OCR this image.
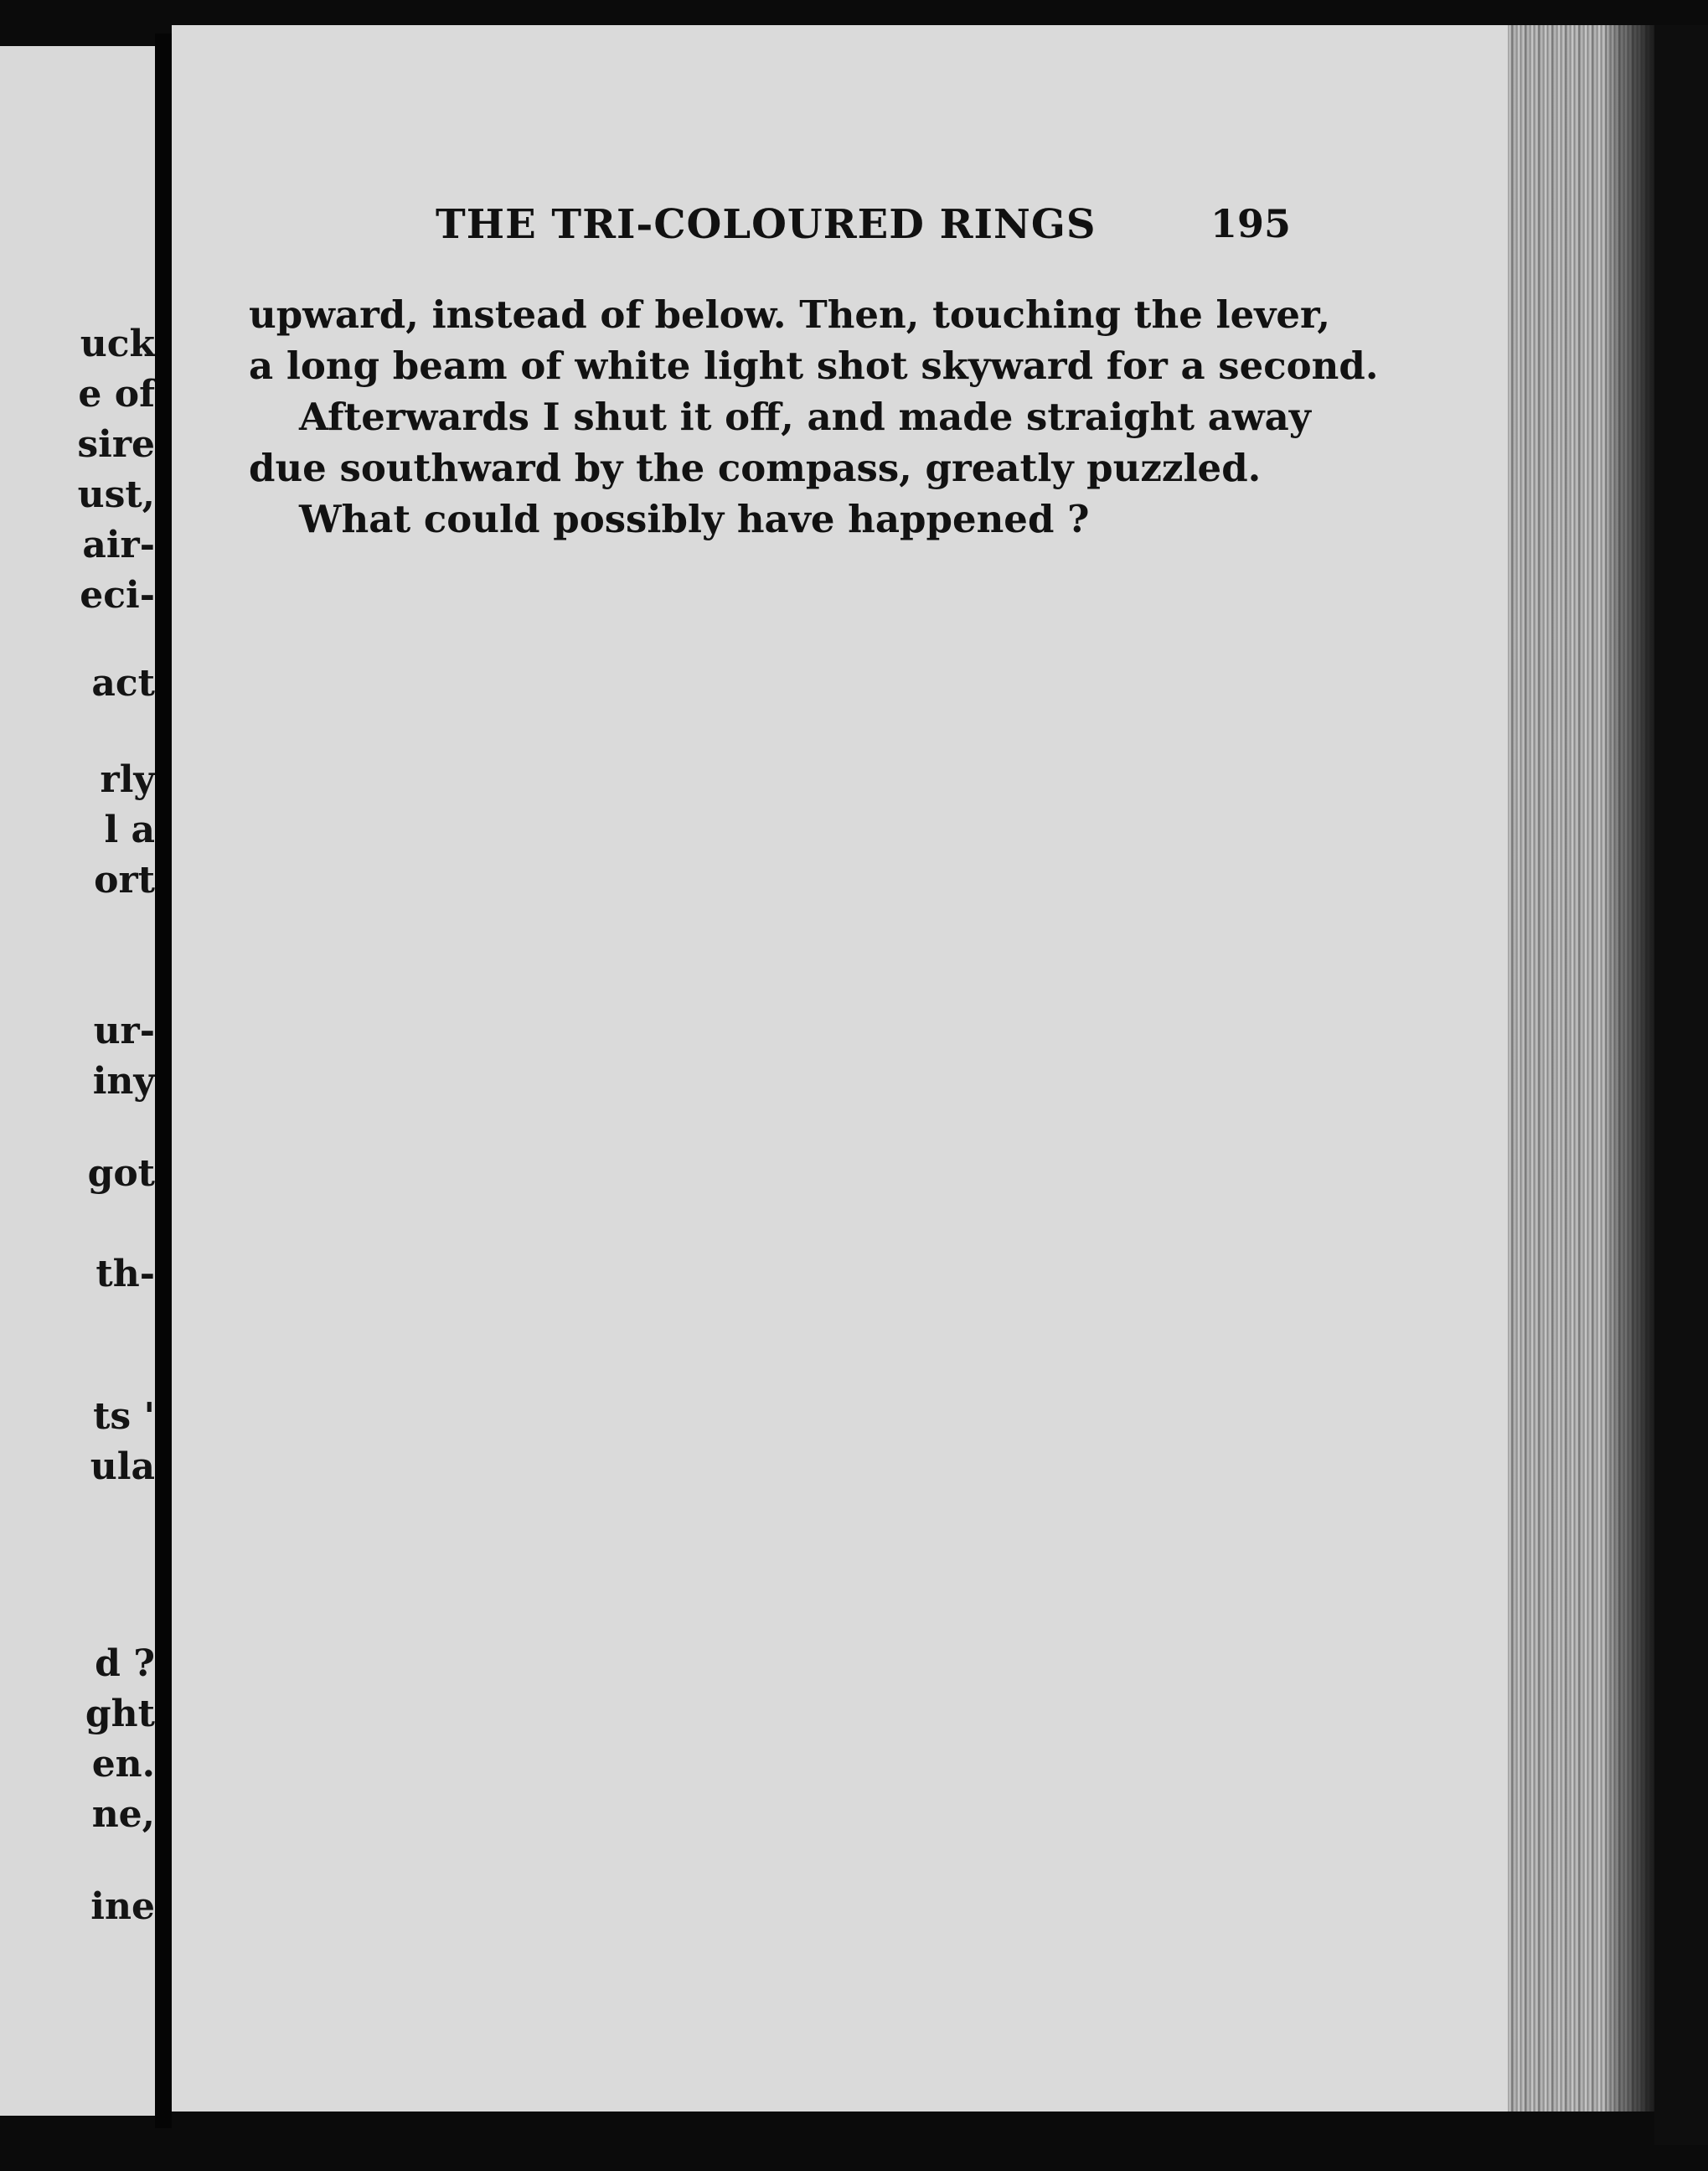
uck
e of
sire
ust,
air-
eci-
act
rly
l a
ort
ur-
iny
got
th-
ts '
ula
d ?
ght
en.
ne,
ine
THE TRI-COLOURED RINGS	195
upward, instead of below. Then, touching the lever,
a long beam of white light shot skyward for a second.
Afterwards I shut it off, and made straight away
due southward by the compass, greatly puzzled.
What could possibly have happened ?
